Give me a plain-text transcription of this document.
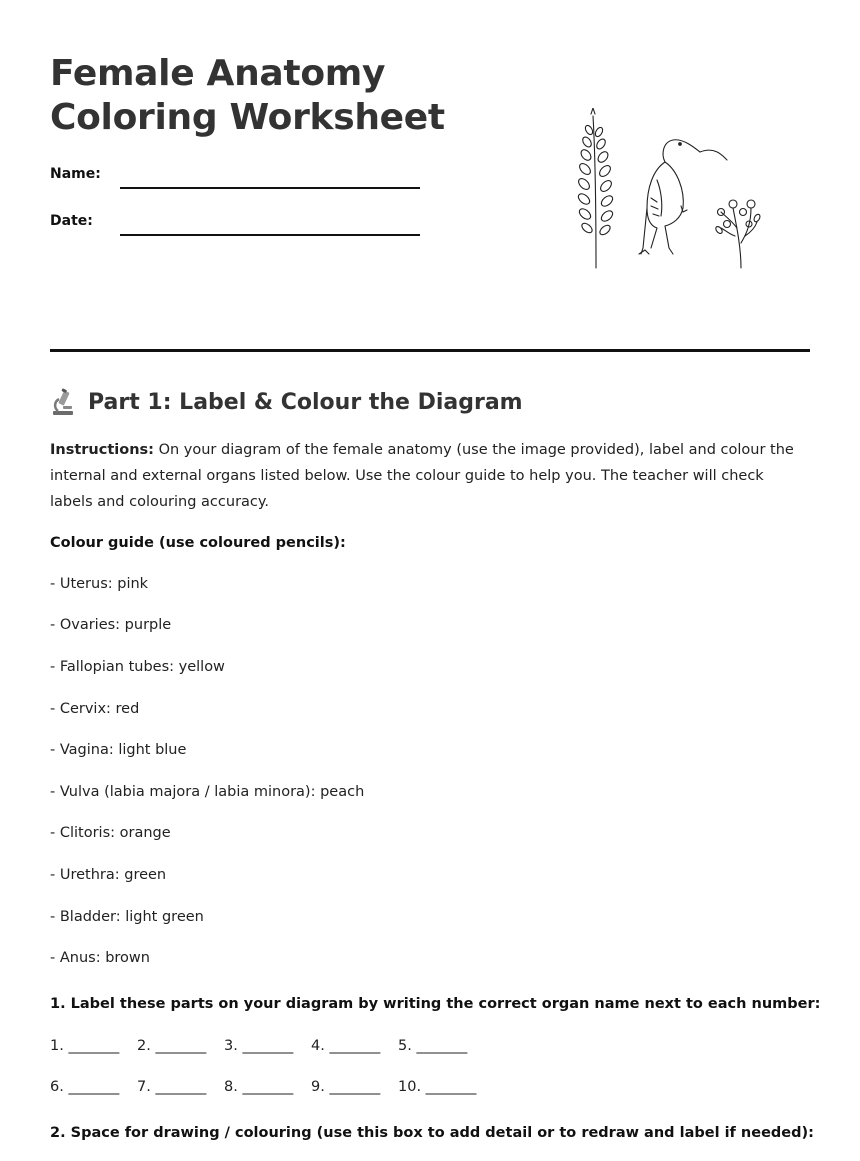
Female Anatomy
Coloring Worksheet
Name:
Date:
Part 1: Label & Colour the Diagram

Instructions: On your diagram of the female anatomy (use the image provided), label and colour the internal and external organs listed below. Use the colour guide to help you. The teacher will check labels and colouring accuracy.

Colour guide (use coloured pencils):
- Uterus: pink
- Ovaries: purple
- Fallopian tubes: yellow
- Cervix: red
- Vagina: light blue
- Vulva (labia majora / labia minora): peach
- Clitoris: orange
- Urethra: green
- Bladder: light green
- Anus: brown
1. Label these parts on your diagram by writing the correct organ name next to each number:
1. _______ 2. _______ 3. _______ 4. _______ 5. _______
6. _______ 7. _______ 8. _______ 9. _______ 10. _______
2. Space for drawing / colouring (use this box to add detail or to redraw and label if needed):
